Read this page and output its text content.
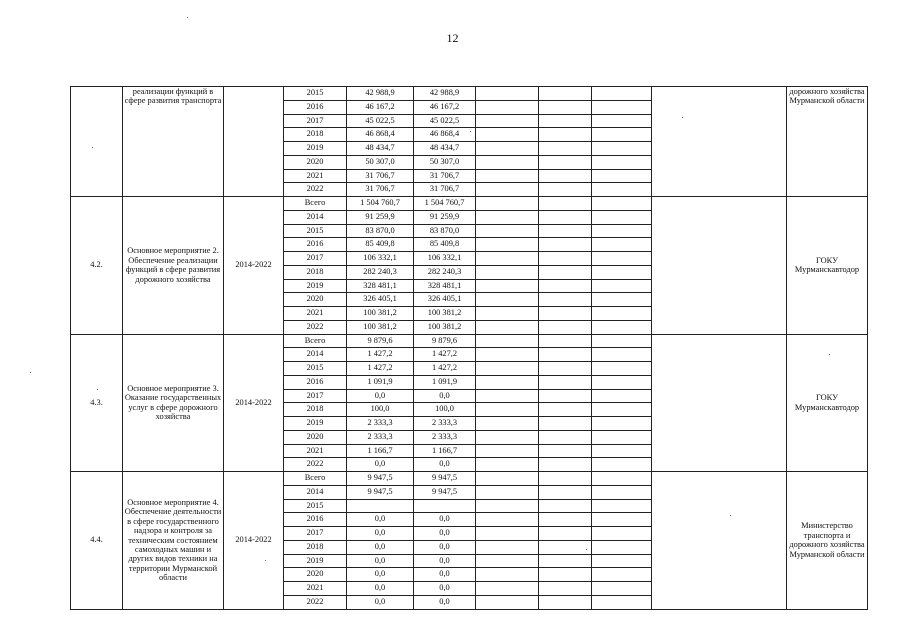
12
	реализации функций в сфере развития транспорта		2015	42 988,9	42 988,9					дорожного хозяйства Мурманской области
			2016	46 167,2	46 167,2					
			2017	45 022,5	45 022,5					
			2018	46 868,4	46 868,4					
			2019	48 434,7	48 434,7					
			2020	50 307,0	50 307,0					
			2021	31 706,7	31 706,7					
			2022	31 706,7	31 706,7					
4.2.	Основное мероприятие 2. Обеспечение реализации функций в сфере развития дорожного хозяйства	2014-2022	Всего	1 504 760,7	1 504 760,7					ГОКУ Мурманскавтодор
			2014	91 259,9	91 259,9					
			2015	83 870,0	83 870,0					
			2016	85 409,8	85 409,8					
			2017	106 332,1	106 332,1					
			2018	282 240,3	282 240,3					
			2019	328 481,1	328 481,1					
			2020	326 405,1	326 405,1					
			2021	100 381,2	100 381,2					
			2022	100 381,2	100 381,2					
4.3.	Основное мероприятие 3. Оказание государственных услуг в сфере дорожного хозяйства	2014-2022	Всего	9 879,6	9 879,6					ГОКУ Мурманскавтодор
			2014	1 427,2	1 427,2					
			2015	1 427,2	1 427,2					
			2016	1 091,9	1 091,9					
			2017	0,0	0,0					
			2018	100,0	100,0					
			2019	2 333,3	2 333,3					
			2020	2 333,3	2 333,3					
			2021	1 166,7	1 166,7					
			2022	0,0	0,0					
4.4.	Основное мероприятие 4. Обеспечение деятельности в сфере государственного надзора и контроля за техническим состоянием самоходных машин и других видов техники на территории Мурманской области	2014-2022	Всего	9 947,5	9 947,5					Министерство транспорта и дорожного хозяйства Мурманской области
			2014	9 947,5	9 947,5					
			2015							
			2016	0,0	0,0					
			2017	0,0	0,0					
			2018	0,0	0,0					
			2019	0,0	0,0					
			2020	0,0	0,0					
			2021	0,0	0,0					
			2022	0,0	0,0					
